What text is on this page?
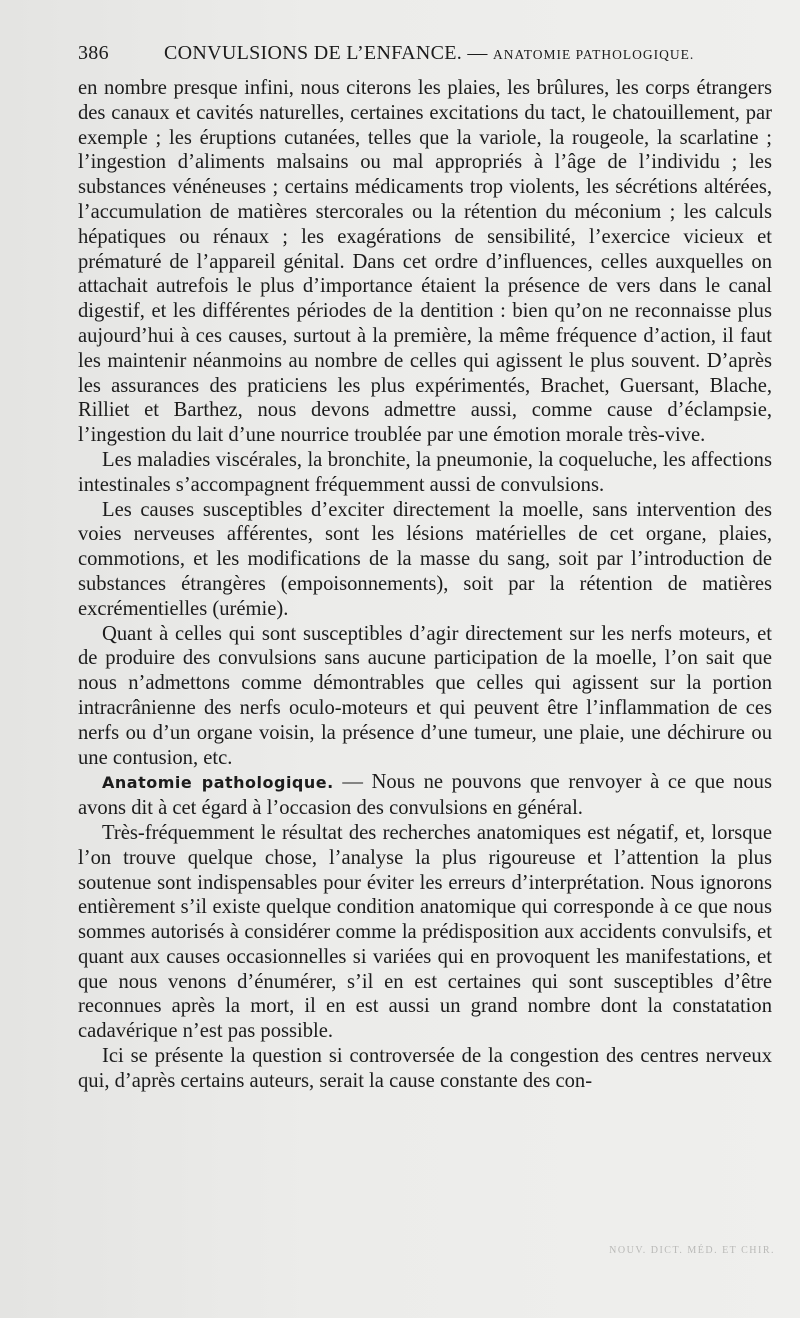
386	CONVULSIONS DE L’ENFANCE. — ANATOMIE PATHOLOGIQUE.

en nombre presque infini, nous citerons les plaies, les brûlures, les corps étrangers des canaux et cavités naturelles, certaines excitations du tact, le chatouillement, par exemple ; les éruptions cutanées, telles que la variole, la rougeole, la scarlatine ; l’ingestion d’aliments malsains ou mal appropriés à l’âge de l’individu ; les substances vénéneuses ; certains médicaments trop violents, les sécrétions altérées, l’accumulation de matières stercorales ou la rétention du méconium ; les calculs hépatiques ou rénaux ; les exagérations de sensibilité, l’exercice vicieux et prématuré de l’appareil génital. Dans cet ordre d’influences, celles auxquelles on attachait autrefois le plus d’importance étaient la présence de vers dans le canal digestif, et les différentes périodes de la dentition : bien qu’on ne reconnaisse plus aujourd’hui à ces causes, surtout à la première, la même fréquence d’action, il faut les maintenir néanmoins au nombre de celles qui agissent le plus souvent. D’après les assurances des praticiens les plus expérimentés, Brachet, Guersant, Blache, Rilliet et Barthez, nous devons admettre aussi, comme cause d’éclampsie, l’ingestion du lait d’une nourrice troublée par une émotion morale très-vive.

Les maladies viscérales, la bronchite, la pneumonie, la coqueluche, les affections intestinales s’accompagnent fréquemment aussi de convulsions.

Les causes susceptibles d’exciter directement la moelle, sans intervention des voies nerveuses afférentes, sont les lésions matérielles de cet organe, plaies, commotions, et les modifications de la masse du sang, soit par l’introduction de substances étrangères (empoisonnements), soit par la rétention de matières excrémentielles (urémie).

Quant à celles qui sont susceptibles d’agir directement sur les nerfs moteurs, et de produire des convulsions sans aucune participation de la moelle, l’on sait que nous n’admettons comme démontrables que celles qui agissent sur la portion intracrânienne des nerfs oculo-moteurs et qui peuvent être l’inflammation de ces nerfs ou d’un organe voisin, la présence d’une tumeur, une plaie, une déchirure ou une contusion, etc.

Anatomie pathologique. — Nous ne pouvons que renvoyer à ce que nous avons dit à cet égard à l’occasion des convulsions en général.

Très-fréquemment le résultat des recherches anatomiques est négatif, et, lorsque l’on trouve quelque chose, l’analyse la plus rigoureuse et l’attention la plus soutenue sont indispensables pour éviter les erreurs d’interprétation. Nous ignorons entièrement s’il existe quelque condition anatomique qui corresponde à ce que nous sommes autorisés à considérer comme la prédisposition aux accidents convulsifs, et quant aux causes occasionnelles si variées qui en provoquent les manifestations, et que nous venons d’énumérer, s’il en est certaines qui sont susceptibles d’être reconnues après la mort, il en est aussi un grand nombre dont la constatation cadavérique n’est pas possible.

Ici se présente la question si controversée de la congestion des centres nerveux qui, d’après certains auteurs, serait la cause constante des con-

NOUV. DICT. MÉD. ET CHIR.
